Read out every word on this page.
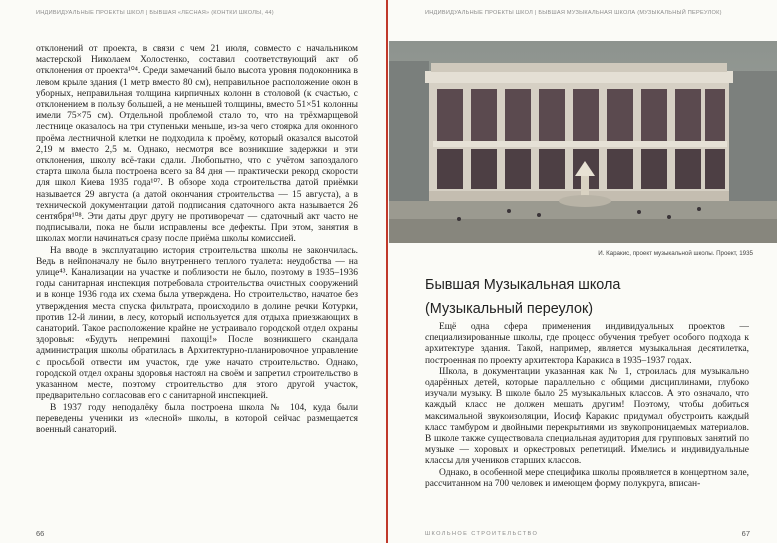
ИНДИВИДУАЛЬНЫЕ ПРОЕКТЫ ШКОЛ | БЫВШАЯ «ЛЕСНАЯ» (КОНТКИ ШКОЛЫ, 44)

отклонений от проекта, в связи с чем 21 июля, совместо с начальником мастерской Николаем Холостенко, составил соответствующий акт об отклонения от проекта¹⁰⁴. Среди замечаний было высота уровня подоконника в левом крыле здания (1 метр вместо 80 см), неправильное расположение окон в уборных, неправильная толщина кирпичных колонн в столовой (к счастью, с отклонением в пользу большей, а не меньшей толщины, вместо 51×51 колонны имели 75×75 см). Отдельной проблемой стало то, что на трёхмарщевой лестнице оказалось на три ступеньки меньше, из-за чего стоярка для оконного проёма лестничной клетки не подходила к проёму, который оказался высотой 2,19 м вместо 2,5 м. Однако, несмотря все возникшие задержки и эти отклонения, школу всё-таки сдали. Любопытно, что с учётом запоздалого старта школа была построена всего за 84 дня — практически рекорд скорости для школ Киева 1935 года¹⁰⁷. В обзоре хода строительства датой приёмки называется 29 августа (а датой окончания строительства — 15 августа), а в технической документации датой подписания сдаточного акта называется 26 сентября¹⁰⁸. Эти даты друг другу не противоречат — сдаточный акт часто не подписывали, пока не были исправлены все дефекты. При этом, занятия в школах могли начинаться сразу после приёма школы комиссией.

На вводе в эксплуатацию история строительства школы не закончилась. Ведь в нейпоначалу не было внутреннего теплого туалета: неудобства — на улице⁴³. Канализации на участке и поблизости не было, поэтому в 1935–1936 годы санитарная инспекция потребовала строительства очистных сооружений и в конце 1936 года их схема была утверждена. Но строительство, начатое без утверждения места спуска фильтрата, происходило в долине речки Котурки, против 12-й линии, в лесу, который используется для отдыха приезжающих в санаторий. Такое расположение крайне не устраивало городской отдел охраны здоровья: «Будуть непремині пахощі!» После возникшего скандала администрация школы обратилась в Архитектурно-планировочное управление с просьбой отвести им участок, где уже начато строительство. Однако, городской отдел охраны здоровья настоял на своём и запретил строительство в указанном месте, поэтому строительство для этого другой участок, предварительно согласовав его с санитарной инспекцией.

В 1937 году неподалёку была построена школа № 104, куда были переведены ученики из «лесной» школы, в которой сейчас размещается военный санаторий.

66
ИНДИВИДУАЛЬНЫЕ ПРОЕКТЫ ШКОЛ | БЫВШАЯ МУЗЫКАЛЬНАЯ ШКОЛА (МУЗЫКАЛЬНЫЙ ПЕРЕУЛОК)
И. Каракис, проект музыкальной школы. Проект, 1935
Бывшая Музыкальная школа
(Музыкальный переулок)

Ещё одна сфера применения индивидуальных проектов — специализированные школы, где процесс обучения требует особого подхода к архитектуре здания. Такой, например, является музыкальная десятилетка, построенная по проекту архитектора Каракиса в 1935–1937 годах.

Школа, в документации указанная как № 1, строилась для музыкально одарённых детей, которые параллельно с общими дисциплинами, глубоко изучали музыку. В школе было 25 музыкальных классов. А это означало, что каждый класс не должен мешать другим! Поэтому, чтобы добиться максимальной звукоизоляции, Иосиф Каракис придумал обустроить каждый класс тамбуром и двойными перекрытиями из звукопроницаемых материалов. В школе также существовала специальная аудитория для групповых занятий по музыке — хоровых и оркестровых репетиций. Имелись и индивидуальные классы для учеников старших классов.

Однако, в особенной мере специфика школы проявляется в концертном зале, рассчитанном на 700 человек и имеющем форму полукруга, вписан-

ШКОЛЬНОЕ СТРОИТЕЛЬСТВО	67
